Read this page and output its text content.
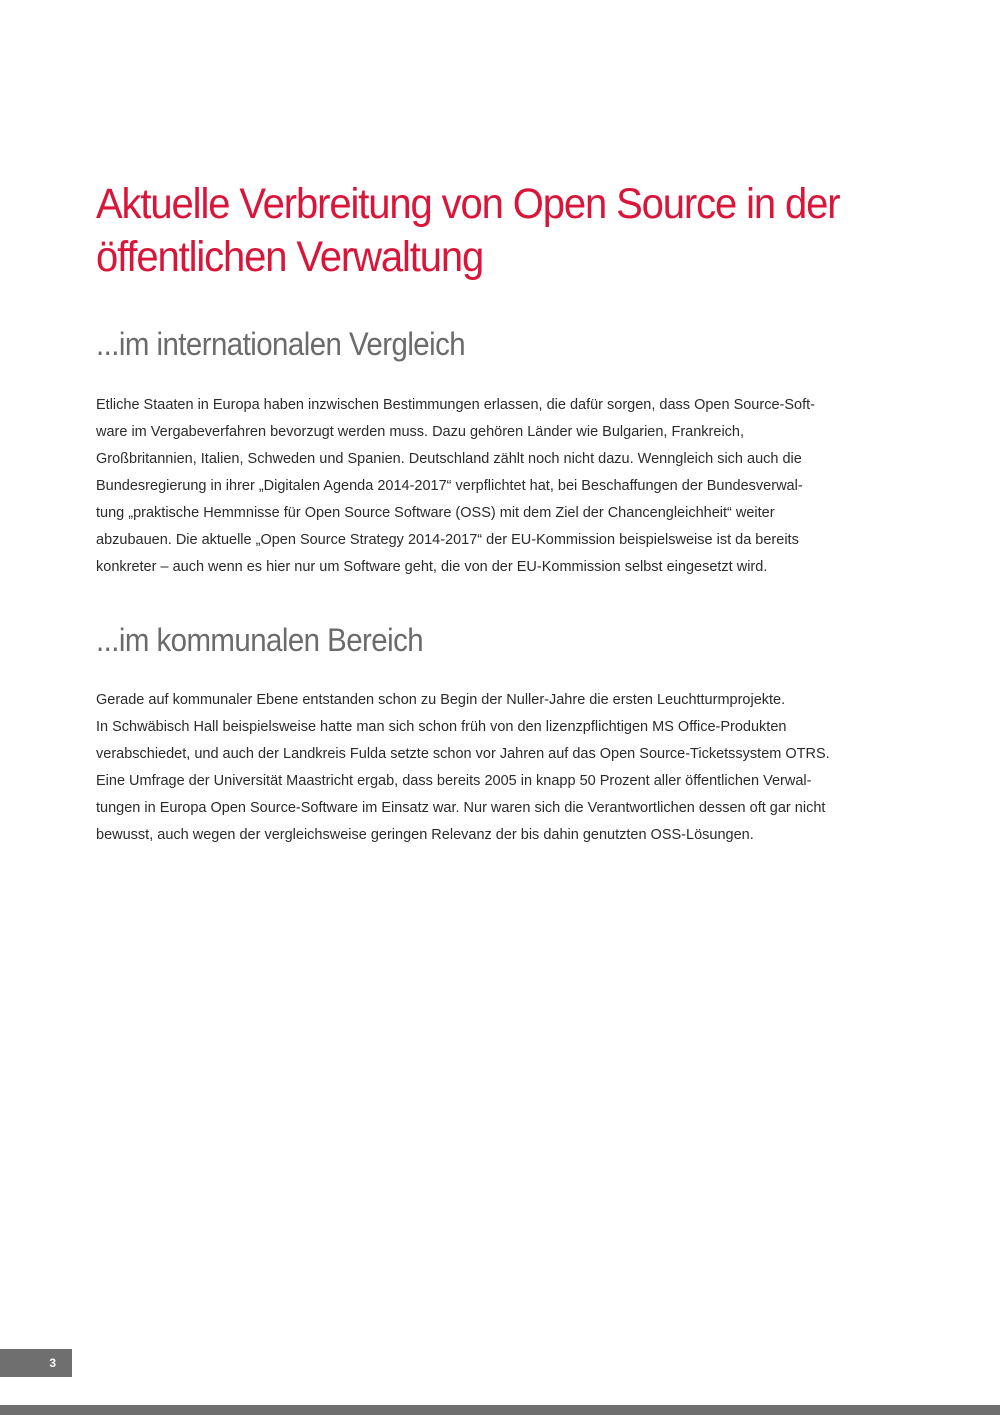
Aktuelle Verbreitung von Open Source in der
öffentlichen Verwaltung
...im internationalen Vergleich

Etliche Staaten in Europa haben inzwischen Bestimmungen erlassen, die dafür sorgen, dass Open Source-Soft-
ware im Vergabeverfahren bevorzugt werden muss. Dazu gehören Länder wie Bulgarien, Frankreich,
Großbritannien, Italien, Schweden und Spanien. Deutschland zählt noch nicht dazu. Wenngleich sich auch die
Bundesregierung in ihrer „Digitalen Agenda 2014-2017“ verpflichtet hat, bei Beschaffungen der Bundesverwal-
tung „praktische Hemmnisse für Open Source Software (OSS) mit dem Ziel der Chancengleichheit“ weiter
abzubauen. Die aktuelle „Open Source Strategy 2014-2017“ der EU-Kommission beispielsweise ist da bereits
konkreter – auch wenn es hier nur um Software geht, die von der EU-Kommission selbst eingesetzt wird.

...im kommunalen Bereich

Gerade auf kommunaler Ebene entstanden schon zu Begin der Nuller-Jahre die ersten Leuchtturmprojekte.
In Schwäbisch Hall beispielsweise hatte man sich schon früh von den lizenzpflichtigen MS Office-Produkten
verabschiedet, und auch der Landkreis Fulda setzte schon vor Jahren auf das Open Source-Ticketssystem OTRS.
Eine Umfrage der Universität Maastricht ergab, dass bereits 2005 in knapp 50 Prozent aller öffentlichen Verwal-
tungen in Europa Open Source-Software im Einsatz war. Nur waren sich die Verantwortlichen dessen oft gar nicht
bewusst, auch wegen der vergleichsweise geringen Relevanz der bis dahin genutzten OSS-Lösungen.

3
